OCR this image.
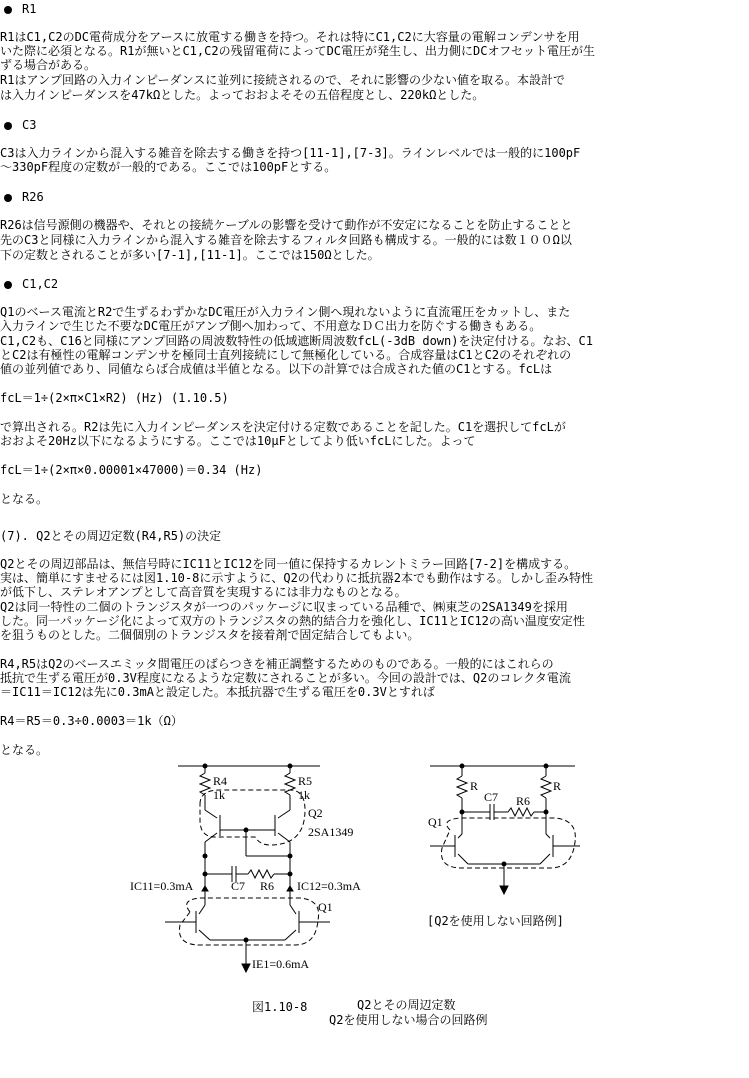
R1
R1はC1,C2のDC電荷成分をアースに放電する働きを持つ。それは特にC1,C2に大容量の電解コンデンサを用
いた際に必須となる。R1が無いとC1,C2の残留電荷によってDC電圧が発生し、出力側にDCオフセット電圧が生
ずる場合がある。
R1はアンプ回路の入力インピーダンスに並列に接続されるので、それに影響の少ない値を取る。本設計で
は入力インピーダンスを47kΩとした。よっておおよそその五倍程度とし、220kΩとした。
C3
C3は入力ラインから混入する雑音を除去する働きを持つ[11-1],[7-3]。ラインレベルでは一般的に100pF
～330pF程度の定数が一般的である。ここでは100pFとする。
R26
R26は信号源側の機器や、それとの接続ケーブルの影響を受けて動作が不安定になることを防止することと
先のC3と同様に入力ラインから混入する雑音を除去するフィルタ回路も構成する。一般的には数１００Ω以
下の定数とされることが多い[7-1],[11-1]。ここでは150Ωとした。
C1,C2
Q1のベース電流とR2で生ずるわずかなDC電圧が入力ライン側へ現れないように直流電圧をカットし、また
入力ラインで生じた不要なDC電圧がアンプ側へ加わって、不用意なＤＣ出力を防ぐする働きもある。
C1,C2も、C16と同様にアンプ回路の周波数特性の低域遮断周波数fcL(-3dB down)を決定付ける。なお、C1
とC2は有極性の電解コンデンサを極同士直列接続にして無極化している。合成容量はC1とC2のそれぞれの
値の並列値であり、同値ならば合成値は半値となる。以下の計算では合成された値のC1とする。fcLは
fcL＝1÷(2×π×C1×R2) (Hz) (1.10.5)
で算出される。R2は先に入力インピーダンスを決定付ける定数であることを記した。C1を選択してfcLが
おおよそ20Hz以下になるようにする。ここでは10μFとしてより低いfcLにした。よって
fcL＝1÷(2×π×0.00001×47000)＝0.34 (Hz)
となる。
(7). Q2とその周辺定数(R4,R5)の決定
Q2とその周辺部品は、無信号時にIC11とIC12を同一値に保持するカレントミラー回路[7-2]を構成する。
実は、簡単にすませるには図1.10-8に示すように、Q2の代わりに抵抗器2本でも動作はする。しかし歪み特性
が低下し、ステレオアンプとして高音質を実現するには非力なものとなる。
Q2は同一特性の二個のトランジスタが一つのパッケージに収まっている品種で、㈱東芝の2SA1349を採用
した。同一パッケージ化によって双方のトランジスタの熱的結合力を強化し、IC11とIC12の高い温度安定性
を狙うものとした。二個個別のトランジスタを接着剤で固定結合してもよい。
R4,R5はQ2のベースエミッタ間電圧のばらつきを補正調整するためのものである。一般的にはこれらの
抵抗で生ずる電圧が0.3V程度になるような定数にされることが多い。今回の設計では、Q2のコレクタ電流
＝IC11＝IC12は先に0.3mAと設定した。本抵抗器で生ずる電圧を0.3Vとすれば
R4＝R5＝0.3÷0.0003＝1k（Ω）
となる。
R4
1k
R5
1k
Q2
2SA1349
C7 R6
IC11=0.3mA	IC12=0.3mA
Q1
IE1=0.6mA
R	R
C7 R6
Q1
[Q2を使用しない回路例]
図1.10-8	Q2とその周辺定数
Q2を使用しない場合の回路例
